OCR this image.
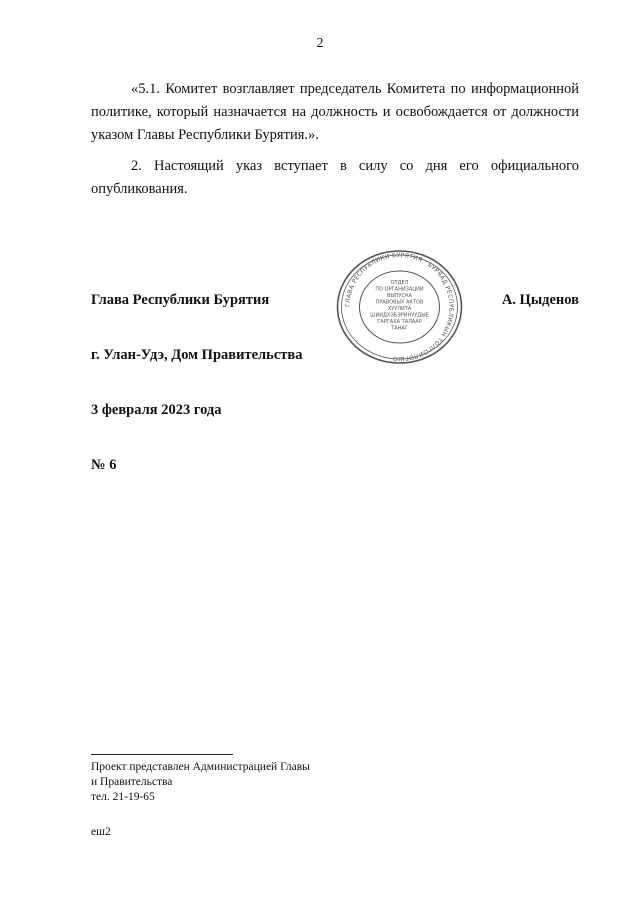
2

«5.1. Комитет возглавляет председатель Комитета по информационной политике, который назначается на должность и освобождается от должности указом Главы Республики Бурятия.».

2. Настоящий указ вступает в силу со дня его официального опубликования.

Глава Республики Бурятия	ГЛАВА РЕСПУБЛИКИ БУРЯТИЯ · БУРЯАД РЕСПУБЛИКЫН ТОЛГОЙЛОГШО
ОТДЕЛ
ПО ОРГАНИЗАЦИИ
ВЫПУСКА
ПРАВОВЫХ АКТОВ
ХУУЛИТА
ШИИДХЭБЭРИНУУДЫЕ
ГАРГАХА ТАЛААР
ТАНАГ
А. Цыденов
г. Улан-Удэ, Дом Правительства
3 февраля 2023 года
№ 6

Проект представлен Администрацией Главы
и Правительства
тел. 21-19-65

еш2
